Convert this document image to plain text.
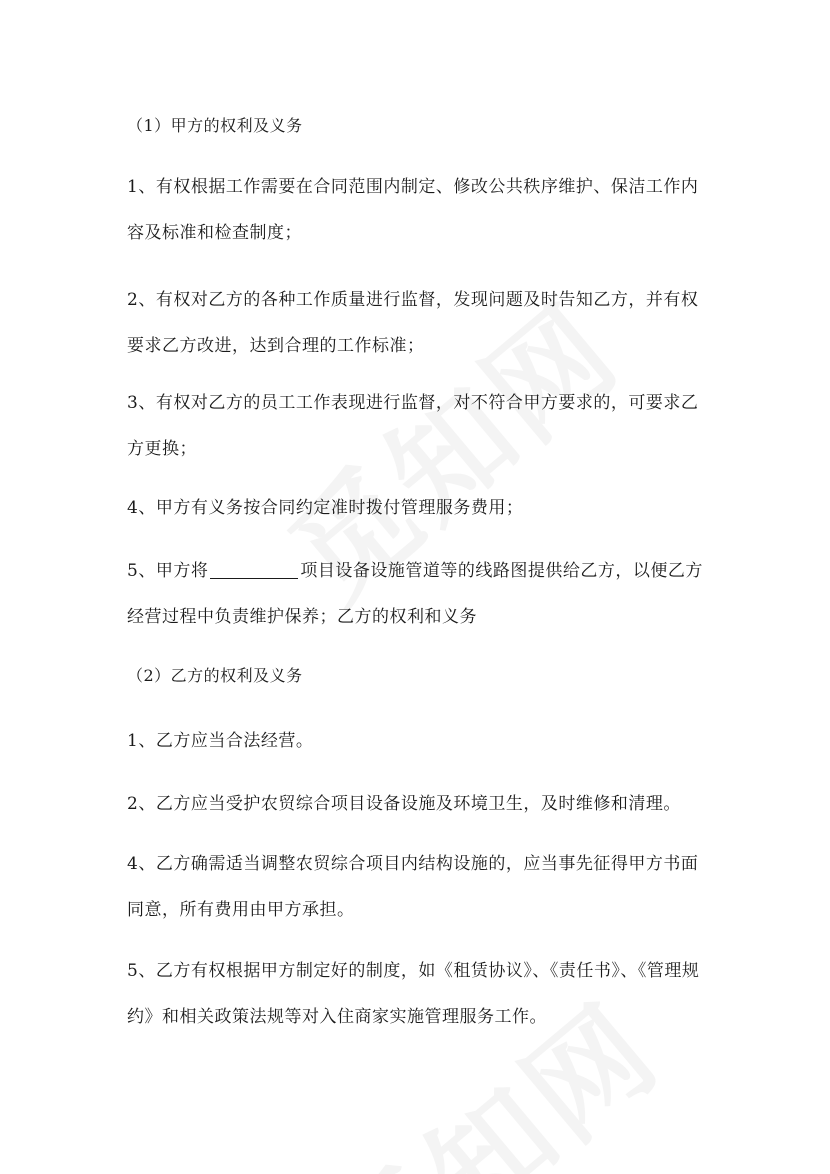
（1）甲方的权利及义务

1、有权根据工作需要在合同范围内制定、修改公共秩序维护、保洁工作内容及标准和检查制度；

2、有权对乙方的各种工作质量进行监督，发现问题及时告知乙方，并有权要求乙方改进，达到合理的工作标准；

3、有权对乙方的员工工作表现进行监督，对不符合甲方要求的，可要求乙方更换；

4、甲方有义务按合同约定准时拨付管理服务费用；

5、甲方将	项目设备设施管道等的线路图提供给乙方，以便乙方经营过程中负责维护保养；乙方的权利和义务

（2）乙方的权利及义务

1、乙方应当合法经营。

2、乙方应当受护农贸综合项目设备设施及环境卫生，及时维修和清理。

4、乙方确需适当调整农贸综合项目内结构设施的，应当事先征得甲方书面同意，所有费用由甲方承担。

5、乙方有权根据甲方制定好的制度，如《租赁协议》、《责任书》、《管理规约》和相关政策法规等对入住商家实施管理服务工作。
